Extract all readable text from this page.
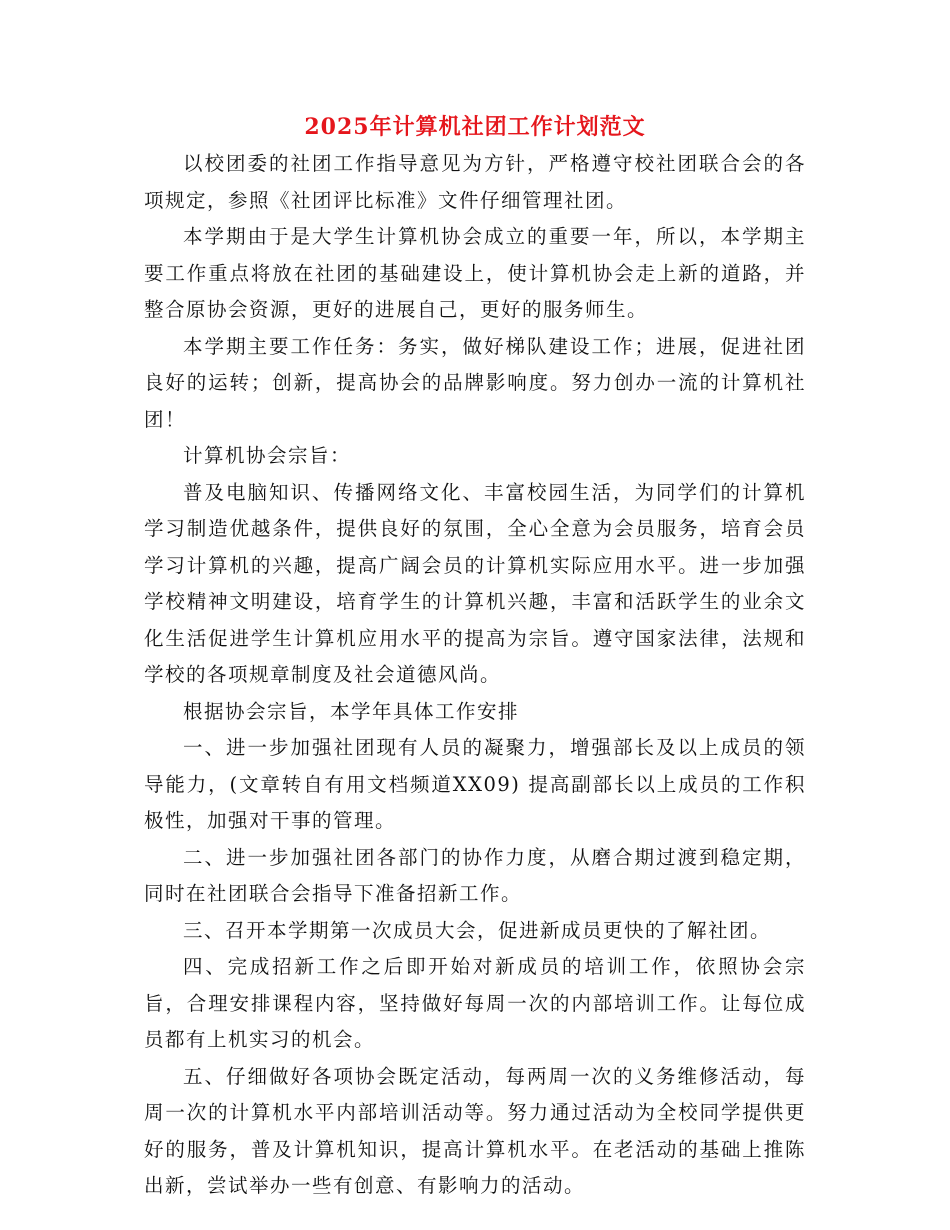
2025年计算机社团工作计划范文

以校团委的社团工作指导意见为方针，严格遵守校社团联合会的各项规定，参照《社团评比标准》文件仔细管理社团。

本学期由于是大学生计算机协会成立的重要一年，所以，本学期主要工作重点将放在社团的基础建设上，使计算机协会走上新的道路，并整合原协会资源，更好的进展自己，更好的服务师生。

本学期主要工作任务：务实，做好梯队建设工作；进展，促进社团良好的运转；创新，提高协会的品牌影响度。努力创办一流的计算机社团！

计算机协会宗旨：

普及电脑知识、传播网络文化、丰富校园生活，为同学们的计算机学习制造优越条件，提供良好的氛围，全心全意为会员服务，培育会员学习计算机的兴趣，提高广阔会员的计算机实际应用水平。进一步加强学校精神文明建设，培育学生的计算机兴趣，丰富和活跃学生的业余文化生活促进学生计算机应用水平的提高为宗旨。遵守国家法律，法规和学校的各项规章制度及社会道德风尚。

根据协会宗旨，本学年具体工作安排

一、进一步加强社团现有人员的凝聚力，增强部长及以上成员的领导能力，(文章转自有用文档频道XX09) 提高副部长以上成员的工作积极性，加强对干事的管理。

二、进一步加强社团各部门的协作力度，从磨合期过渡到稳定期，同时在社团联合会指导下准备招新工作。

三、召开本学期第一次成员大会，促进新成员更快的了解社团。

四、完成招新工作之后即开始对新成员的培训工作，依照协会宗旨，合理安排课程内容，坚持做好每周一次的内部培训工作。让每位成员都有上机实习的机会。

五、仔细做好各项协会既定活动，每两周一次的义务维修活动，每周一次的计算机水平内部培训活动等。努力通过活动为全校同学提供更好的服务，普及计算机知识，提高计算机水平。在老活动的基础上推陈出新，尝试举办一些有创意、有影响力的活动。
